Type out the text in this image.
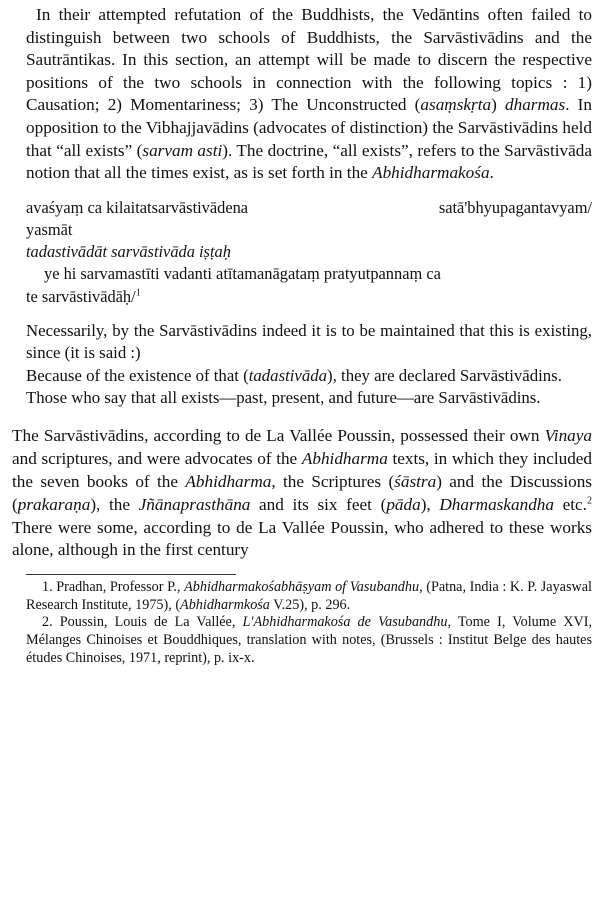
In their attempted refutation of the Buddhists, the Vedāntins often failed to distinguish between two schools of Buddhists, the Sarvāstivādins and the Sautrāntikas. In this section, an attempt will be made to discern the respective positions of the two schools in connection with the following topics : 1) Causation; 2) Momentariness; 3) The Unconstructed (asaṃskṛta) dharmas. In opposition to the Vibhajjavādins (advocates of distinction) the Sarvāstivādins held that “all exists” (sarvam asti). The doctrine, “all exists”, refers to the Sarvāstivāda notion that all the times exist, as is set forth in the Abhidharmakośa.

avaśyaṃ ca kilaitatsarvāstivādena	satā'bhyupagantavyam/
yasmāt
tadastivādāt sarvāstivāda iṣṭaḥ
ye hi sarvamastīti vadanti atītamanāgataṃ pratyutpannaṃ ca
te sarvāstivādāḥ/$^1$

Necessarily, by the Sarvāstivādins indeed it is to be maintained that this is existing, since (it is said :)

Because of the existence of that (tadastivāda), they are declared Sarvāstivādins.

Those who say that all exists—past, present, and future—are Sarvāstivādins.

The Sarvāstivādins, according to de La Vallée Poussin, possessed their own Vinaya and scriptures, and were advocates of the Abhidharma texts, in which they included the seven books of the Abhidharma, the Scriptures (śāstra) and the Discussions (prakaraṇa), the Jñānaprasthāna and its six feet (pāda), Dharmaskandha etc.$^2$ There were some, according to de La Vallée Poussin, who adhered to these works alone, although in the first century

1. Pradhan, Professor P., Abhidharmakośabhāṣyam of Vasubandhu, (Patna, India : K. P. Jayaswal Research Institute, 1975), (Abhidharmkośa V.25), p. 296.

2. Poussin, Louis de La Vallée, L'Abhidharmakośa de Vasubandhu, Tome I, Volume XVI, Mélanges Chinoises et Bouddhiques, translation with notes, (Brussels : Institut Belge des hautes études Chinoises, 1971, reprint), p. ix-x.
